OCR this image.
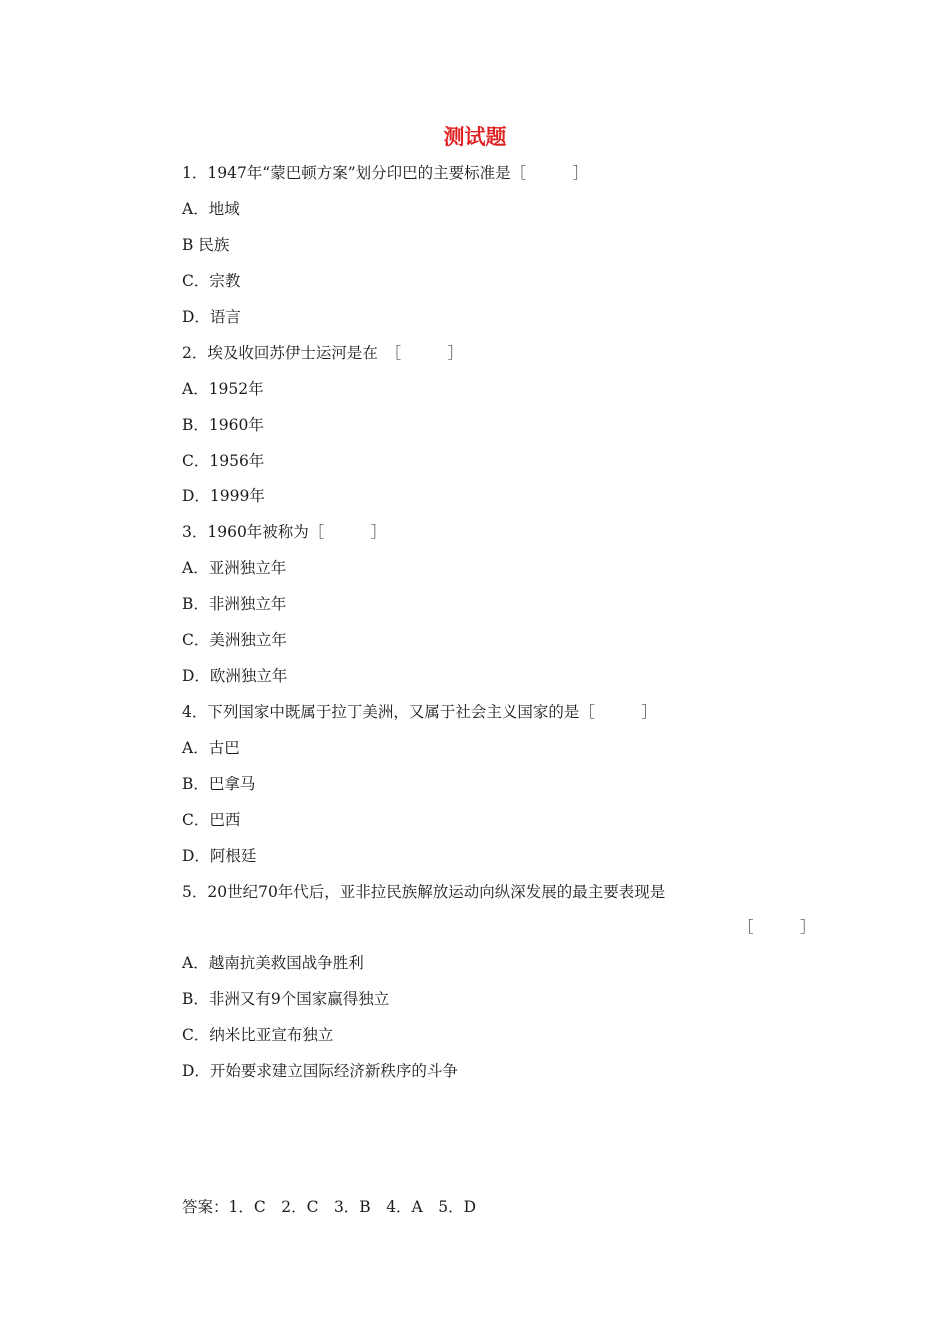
测试题

1．1947年“蒙巴顿方案”划分印巴的主要标准是［　　　］

A．地域

B 民族

C．宗教

D．语言

2．埃及收回苏伊士运河是在　［　　　］

A．1952年

B．1960年

C．1956年

D．1999年

3．1960年被称为［　　　］

A．亚洲独立年

B．非洲独立年

C．美洲独立年

D．欧洲独立年

4．下列国家中既属于拉丁美洲，又属于社会主义国家的是［　　　］

A．古巴

B．巴拿马

C．巴西

D．阿根廷

5．20世纪70年代后，亚非拉民族解放运动向纵深发展的最主要表现是

［　　　］

A．越南抗美救国战争胜利

B．非洲又有9个国家赢得独立

C．纳米比亚宣布独立

D．开始要求建立国际经济新秩序的斗争

答案：1．C　2．C　3．B　4．A　5．D
